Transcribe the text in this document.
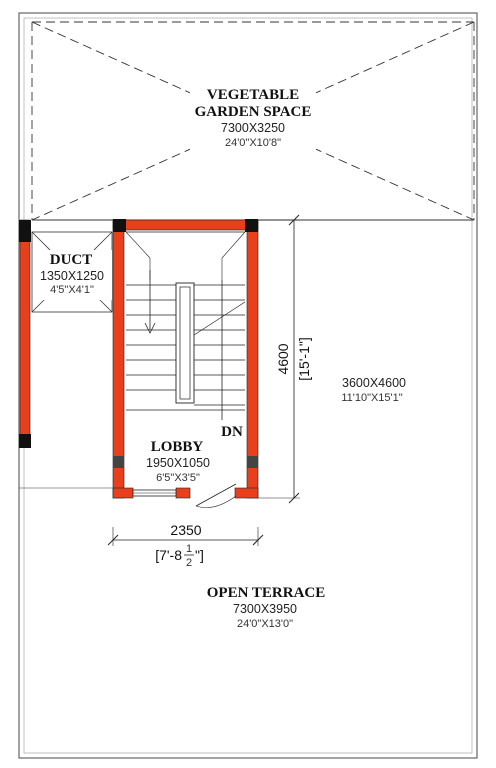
VEGETABLE
GARDEN SPACE
7300X3250
24'0"X10'8"
DUCT
1350X1250
4'5"X4'1"
DN
LOBBY
1950X1050
6'5"X3'5"
3600X4600
11'10"X15'1"
4600 [15'-1"]
2350
[7'-8 1
2 "]
OPEN TERRACE
7300X3950
24'0"X13'0"
